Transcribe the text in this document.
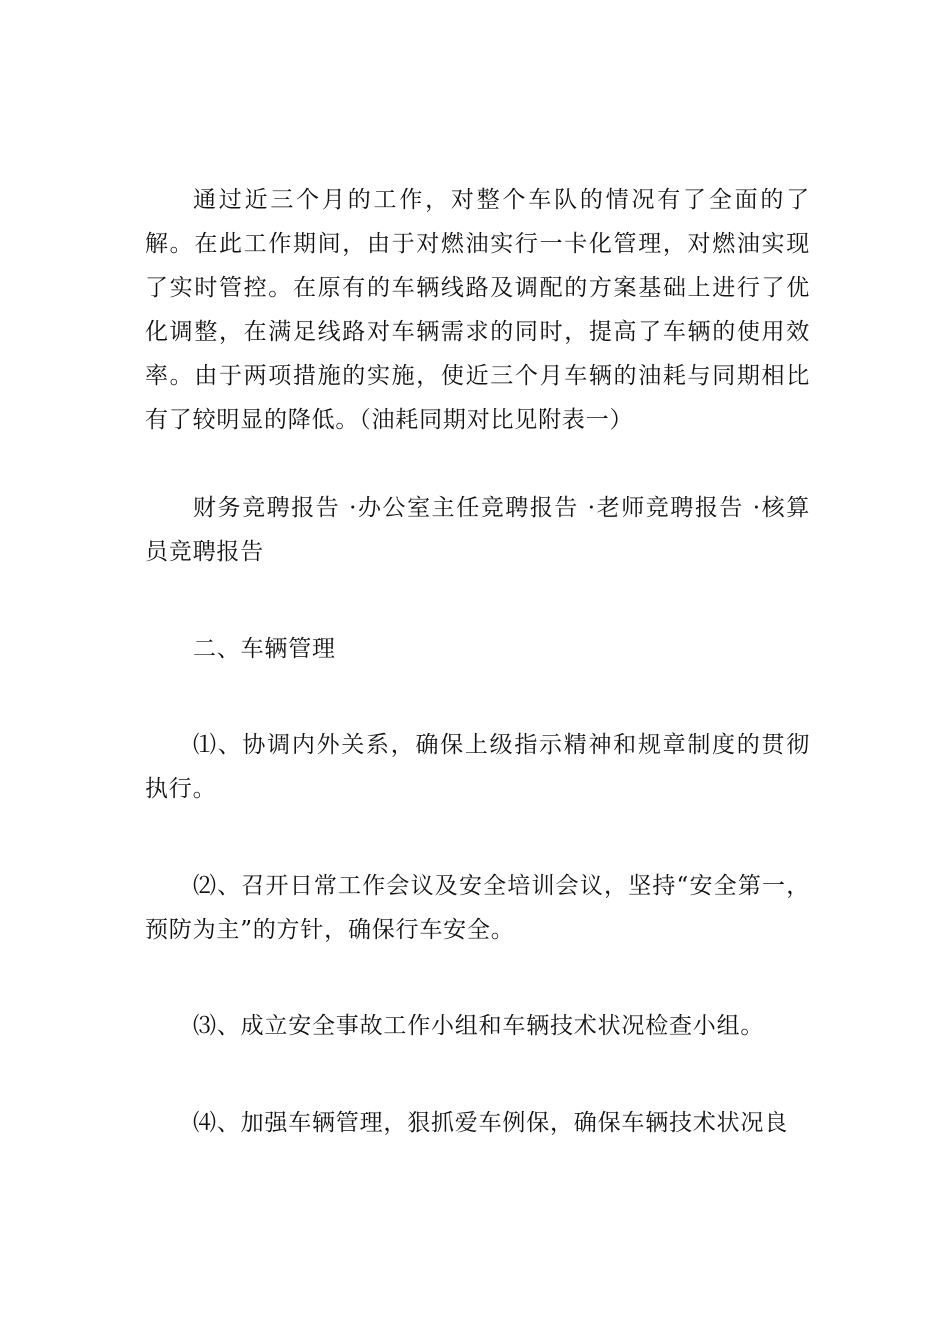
通过近三个月的工作，对整个车队的情况有了全面的了解。在此工作期间，由于对燃油实行一卡化管理，对燃油实现了实时管控。在原有的车辆线路及调配的方案基础上进行了优化调整，在满足线路对车辆需求的同时，提高了车辆的使用效率。由于两项措施的实施，使近三个月车辆的油耗与同期相比有了较明显的降低。（油耗同期对比见附表一）

财务竞聘报告 ·办公室主任竞聘报告 ·老师竞聘报告 ·核算员竞聘报告

二、车辆管理

⑴、协调内外关系，确保上级指示精神和规章制度的贯彻执行。

⑵、召开日常工作会议及安全培训会议，坚持“安全第一，预防为主”的方针，确保行车安全。

⑶、成立安全事故工作小组和车辆技术状况检查小组。

⑷、加强车辆管理，狠抓爱车例保，确保车辆技术状况良
